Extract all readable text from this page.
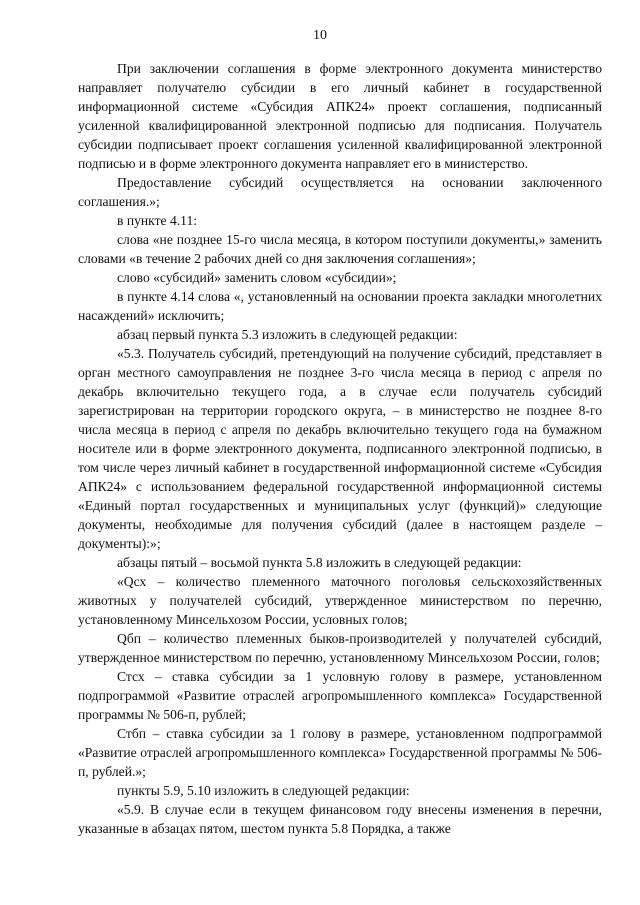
10

При заключении соглашения в форме электронного документа министерство направляет получателю субсидии в его личный кабинет в государственной информационной системе «Субсидия АПК24» проект соглашения, подписанный усиленной квалифицированной электронной подписью для подписания. Получатель субсидии подписывает проект соглашения усиленной квалифицированной электронной подписью и в форме электронного документа направляет его в министерство.

Предоставление субсидий осуществляется на основании заключенного соглашения.»;

в пункте 4.11:

слова «не позднее 15-го числа месяца, в котором поступили документы,» заменить словами «в течение 2 рабочих дней со дня заключения соглашения»;

слово «субсидий» заменить словом «субсидии»;

в пункте 4.14 слова «, установленный на основании проекта закладки многолетних насаждений» исключить;

абзац первый пункта 5.3 изложить в следующей редакции:

«5.3. Получатель субсидий, претендующий на получение субсидий, представляет в орган местного самоуправления не позднее 3-го числа месяца в период с апреля по декабрь включительно текущего года, а в случае если получатель субсидий зарегистрирован на территории городского округа, – в министерство не позднее 8-го числа месяца в период с апреля по декабрь включительно текущего года на бумажном носителе или в форме электронного документа, подписанного электронной подписью, в том числе через личный кабинет в государственной информационной системе «Субсидия АПК24» с использованием федеральной государственной информационной системы «Единый портал государственных и муниципальных услуг (функций)» следующие документы, необходимые для получения субсидий (далее в настоящем разделе – документы):»;

абзацы пятый – восьмой пункта 5.8 изложить в следующей редакции:

«Qсх – количество племенного маточного поголовья сельскохозяйственных животных у получателей субсидий, утвержденное министерством по перечню, установленному Минсельхозом России, условных голов;

Qбп – количество племенных быков-производителей у получателей субсидий, утвержденное министерством по перечню, установленному Минсельхозом России, голов;

Стсх – ставка субсидии за 1 условную голову в размере, установленном подпрограммой «Развитие отраслей агропромышленного комплекса» Государственной программы № 506-п, рублей;

Стбп – ставка субсидии за 1 голову в размере, установленном подпрограммой «Развитие отраслей агропромышленного комплекса» Государственной программы № 506-п, рублей.»;

пункты 5.9, 5.10 изложить в следующей редакции:

«5.9. В случае если в текущем финансовом году внесены изменения в перечни, указанные в абзацах пятом, шестом пункта 5.8 Порядка, а также
